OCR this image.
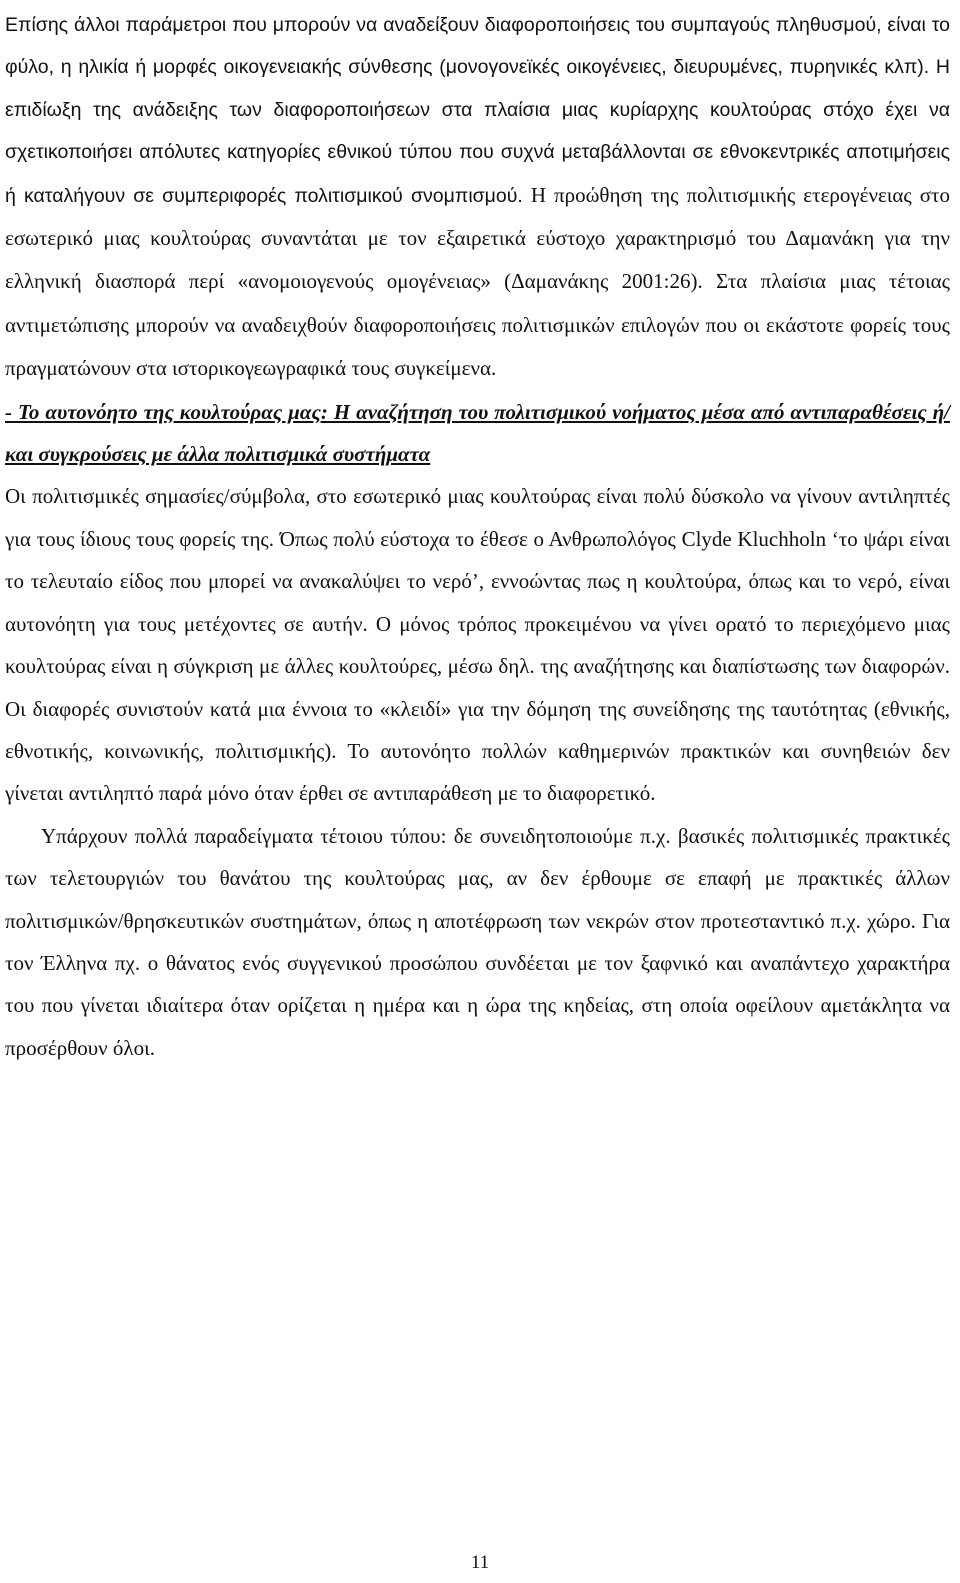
Επίσης άλλοι παράμετροι που μπορούν να αναδείξουν διαφοροποιήσεις του συμπαγούς πληθυσμού, είναι το φύλο, η ηλικία ή μορφές οικογενειακής σύνθεσης (μονογονεϊκές οικογένειες, διευρυμένες, πυρηνικές κλπ). Η επιδίωξη της ανάδειξης των διαφοροποιήσεων στα πλαίσια μιας κυρίαρχης κουλτούρας στόχο έχει να σχετικοποιήσει απόλυτες κατηγορίες εθνικού τύπου που συχνά μεταβάλλονται σε εθνοκεντρικές αποτιμήσεις ή καταλήγουν σε συμπεριφορές πολιτισμικού σνομπισμού. Η προώθηση της πολιτισμικής ετερογένειας στο εσωτερικό μιας κουλτούρας συναντάται με τον εξαιρετικά εύστοχο χαρακτηρισμό του Δαμανάκη για την ελληνική διασπορά περί «ανομοιογενούς ομογένειας» (Δαμανάκης 2001:26). Στα πλαίσια μιας τέτοιας αντιμετώπισης μπορούν να αναδειχθούν διαφοροποιήσεις πολιτισμικών επιλογών που οι εκάστοτε φορείς τους πραγματώνουν στα ιστορικογεωγραφικά τους συγκείμενα.

- Το αυτονόητο της κουλτούρας μας: Η αναζήτηση του πολιτισμικού νοήματος μέσα από αντιπαραθέσεις ή/ και συγκρούσεις με άλλα πολιτισμικά συστήματα

Οι πολιτισμικές σημασίες/σύμβολα, στο εσωτερικό μιας κουλτούρας είναι πολύ δύσκολο να γίνουν αντιληπτές για τους ίδιους τους φορείς της. Όπως πολύ εύστοχα το έθεσε ο Ανθρωπολόγος Clyde Kluchholn ‘το ψάρι είναι το τελευταίο είδος που μπορεί να ανακαλύψει το νερό’, εννοώντας πως η κουλτούρα, όπως και το νερό, είναι αυτονόητη για τους μετέχοντες σε αυτήν. Ο μόνος τρόπος προκειμένου να γίνει ορατό το περιεχόμενο μιας κουλτούρας είναι η σύγκριση με άλλες κουλτούρες, μέσω δηλ. της αναζήτησης και διαπίστωσης των διαφορών. Οι διαφορές συνιστούν κατά μια έννοια το «κλειδί» για την δόμηση της συνείδησης της ταυτότητας (εθνικής, εθνοτικής, κοινωνικής, πολιτισμικής). Το αυτονόητο πολλών καθημερινών πρακτικών και συνηθειών δεν γίνεται αντιληπτό παρά μόνο όταν έρθει σε αντιπαράθεση με το διαφορετικό.

Υπάρχουν πολλά παραδείγματα τέτοιου τύπου: δε συνειδητοποιούμε π.χ. βασικές πολιτισμικές πρακτικές των τελετουργιών του θανάτου της κουλτούρας μας, αν δεν έρθουμε σε επαφή με πρακτικές άλλων πολιτισμικών/θρησκευτικών συστημάτων, όπως η αποτέφρωση των νεκρών στον προτεσταντικό π.χ. χώρο. Για τον Έλληνα πχ. ο θάνατος ενός συγγενικού προσώπου συνδέεται με τον ξαφνικό και αναπάντεχο χαρακτήρα του που γίνεται ιδιαίτερα όταν ορίζεται η ημέρα και η ώρα της κηδείας, στη οποία οφείλουν αμετάκλητα να προσέρθουν όλοι.

11
